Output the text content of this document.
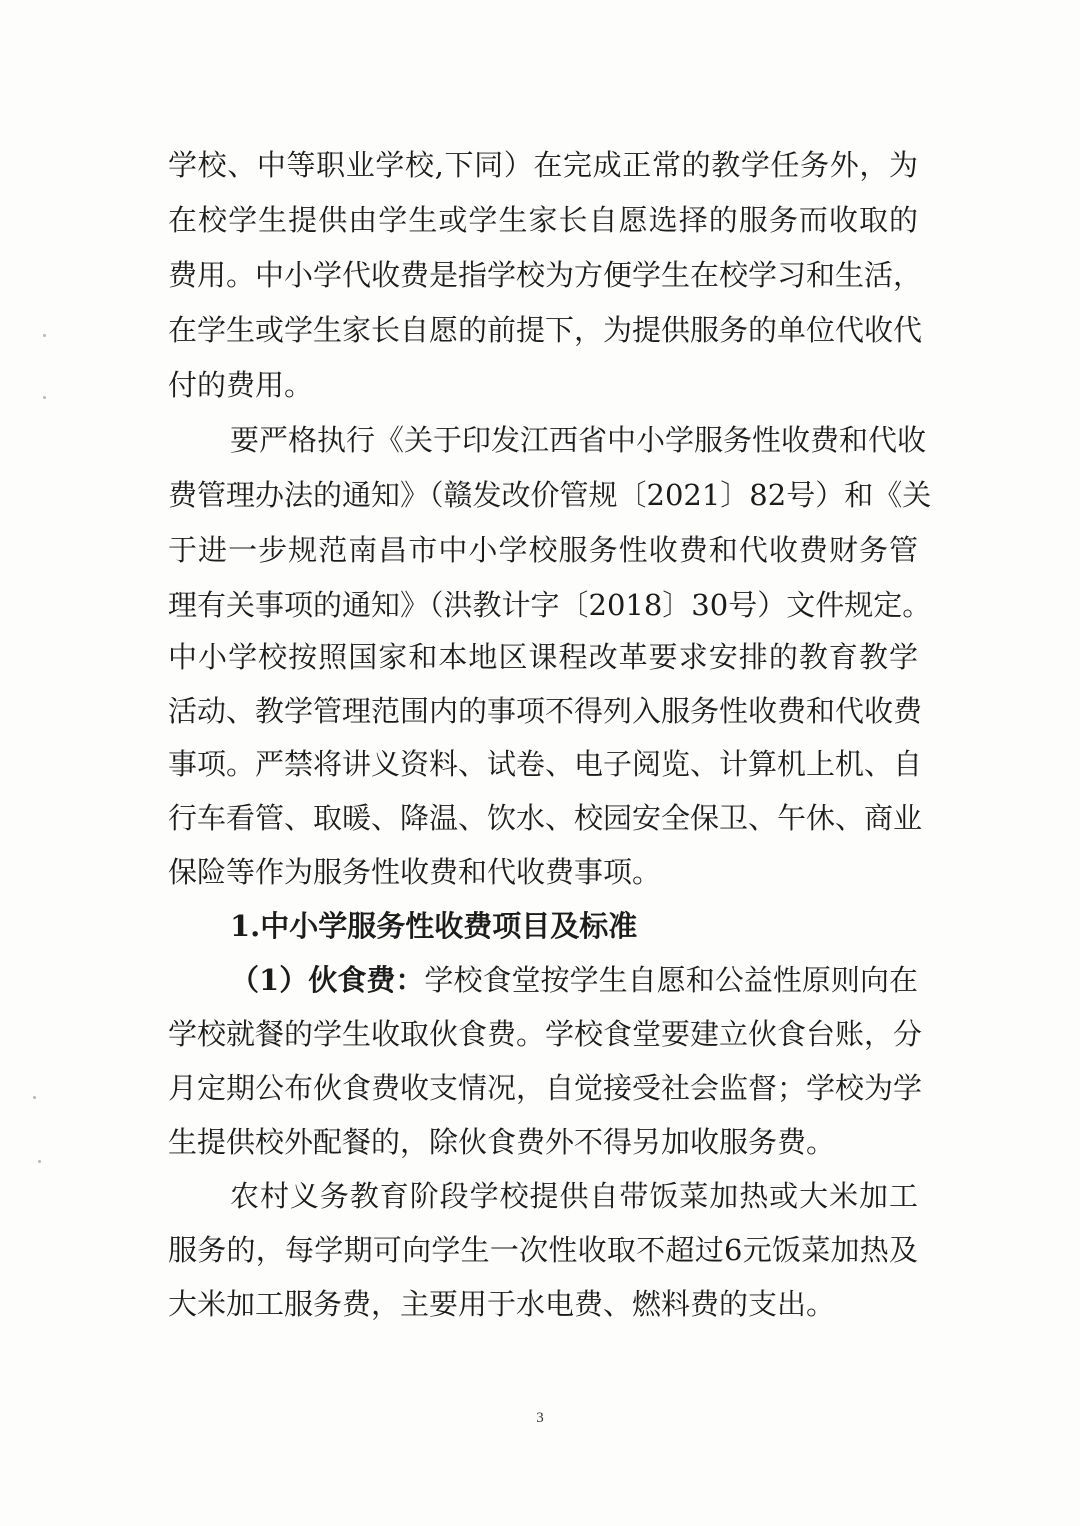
学校、中等职业学校,下同）在完成正常的教学任务外，为
在校学生提供由学生或学生家长自愿选择的服务而收取的
费用。中小学代收费是指学校为方便学生在校学习和生活，
在学生或学生家长自愿的前提下，为提供服务的单位代收代
付的费用。
要严格执行《关于印发江西省中小学服务性收费和代收
费管理办法的通知》（赣发改价管规〔2021〕82号）和《关
于进一步规范南昌市中小学校服务性收费和代收费财务管
理有关事项的通知》（洪教计字〔2018〕30号）文件规定。
中小学校按照国家和本地区课程改革要求安排的教育教学
活动、教学管理范围内的事项不得列入服务性收费和代收费
事项。严禁将讲义资料、试卷、电子阅览、计算机上机、自
行车看管、取暖、降温、饮水、校园安全保卫、午休、商业
保险等作为服务性收费和代收费事项。
1.中小学服务性收费项目及标准
（1）伙食费：学校食堂按学生自愿和公益性原则向在
学校就餐的学生收取伙食费。学校食堂要建立伙食台账，分
月定期公布伙食费收支情况，自觉接受社会监督；学校为学
生提供校外配餐的，除伙食费外不得另加收服务费。
农村义务教育阶段学校提供自带饭菜加热或大米加工
服务的，每学期可向学生一次性收取不超过6元饭菜加热及
大米加工服务费，主要用于水电费、燃料费的支出。
3
